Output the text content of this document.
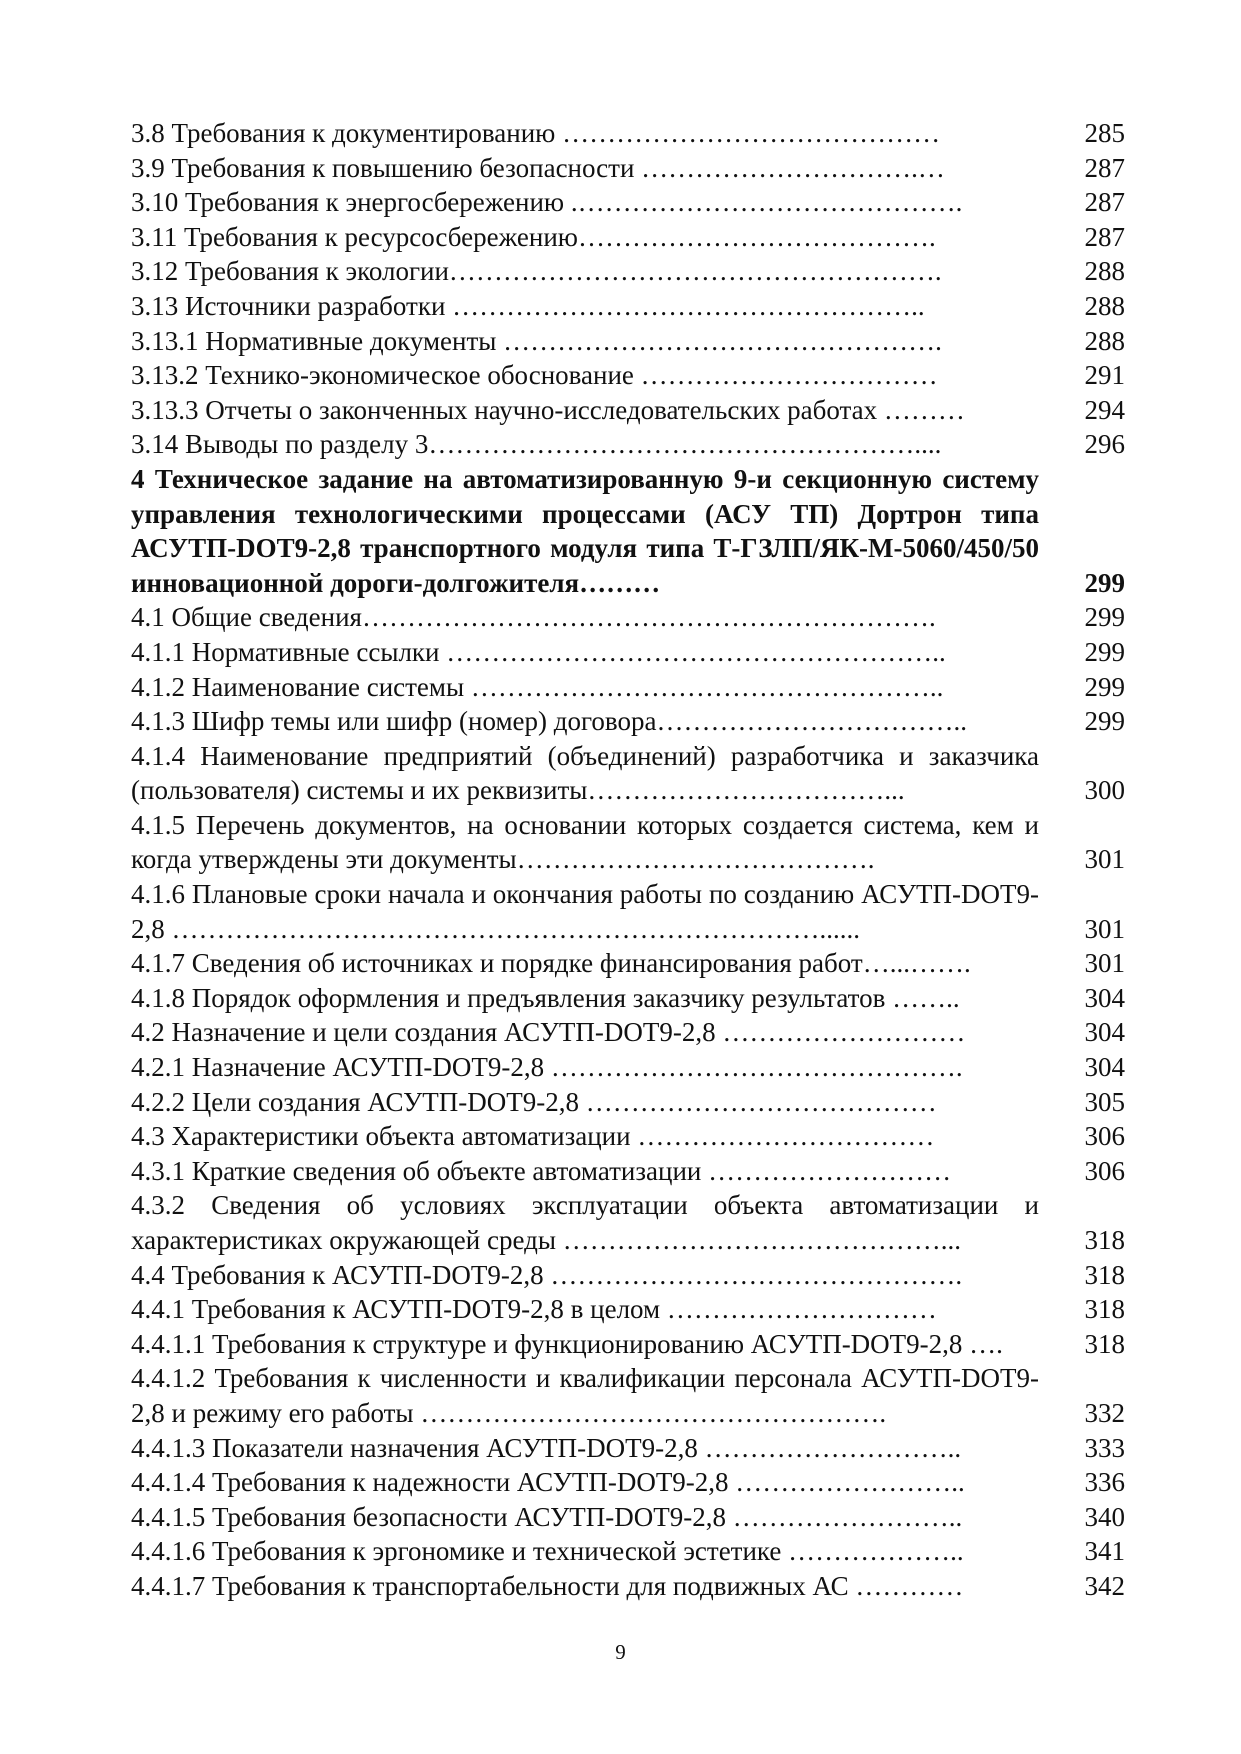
3.8 Требования к документированию ……………………………………	285
3.9 Требования к повышению безопасности ………………………….…	287
3.10 Требования к энергосбережению .…………………………………….	287
3.11 Требования к ресурсосбережению………………………………….	287
3.12 Требования к экологии……………………………………………….	288
3.13 Источники разработки ……………………………………………..	288
3.13.1 Нормативные документы ………………………………………….	288
3.13.2 Технико-экономическое обоснование ……………………………	291
3.13.3 Отчеты о законченных научно-исследовательских работах ………	294
3.14 Выводы по разделу 3………………………………………………....	296
4 Техническое задание на автоматизированную 9-и секционную систему управления технологическими процессами (АСУ ТП) Дортрон типа АСУТП-DOT9-2,8 транспортного модуля типа Т-ГЗЛП/ЯК-М-5060/450/50 инновационной дороги-долгожителя………	299
4.1 Общие сведения……………………………………………………….	299
4.1.1 Нормативные ссылки ………………………………………………..	299
4.1.2 Наименование системы ……………………………………………..	299
4.1.3 Шифр темы или шифр (номер) договора……………………………..	299
4.1.4 Наименование предприятий (объединений) разработчика и заказчика (пользователя) системы и их реквизиты……………………………...	300
4.1.5 Перечень документов, на основании которых создается система, кем и когда утверждены эти документы………………………………….	301
4.1.6 Плановые сроки начала и окончания работы по созданию АСУТП-DOT9-2,8 ………………………………………………………………......	301
4.1.7 Сведения об источниках и порядке финансирования работ…...…….	301
4.1.8 Порядок оформления и предъявления заказчику результатов ……..	304
4.2 Назначение и цели создания АСУТП-DOT9-2,8 ………………………	304
4.2.1 Назначение АСУТП-DOT9-2,8 ……………………………………….	304
4.2.2 Цели создания АСУТП-DOT9-2,8 …………………………………	305
4.3 Характеристики объекта автоматизации ……………………………	306
4.3.1 Краткие сведения об объекте автоматизации ………………………	306
4.3.2 Сведения об условиях эксплуатации объекта автоматизации и характеристиках окружающей среды ……………………………………...	318
4.4 Требования к АСУТП-DOT9-2,8 ……………………………………….	318
4.4.1 Требования к АСУТП-DOT9-2,8 в целом …………………………	318
4.4.1.1 Требования к структуре и функционированию АСУТП-DOT9-2,8 ….	318
4.4.1.2 Требования к численности и квалификации персонала АСУТП-DOT9-2,8 и режиму его работы …………………………………………….	332
4.4.1.3 Показатели назначения АСУТП-DOT9-2,8 ………………………..	333
4.4.1.4 Требования к надежности АСУТП-DOT9-2,8 ……………………..	336
4.4.1.5 Требования безопасности АСУТП-DOT9-2,8 ……………………..	340
4.4.1.6 Требования к эргономике и технической эстетике ………………..	341
4.4.1.7 Требования к транспортабельности для подвижных АС …………	342
9
